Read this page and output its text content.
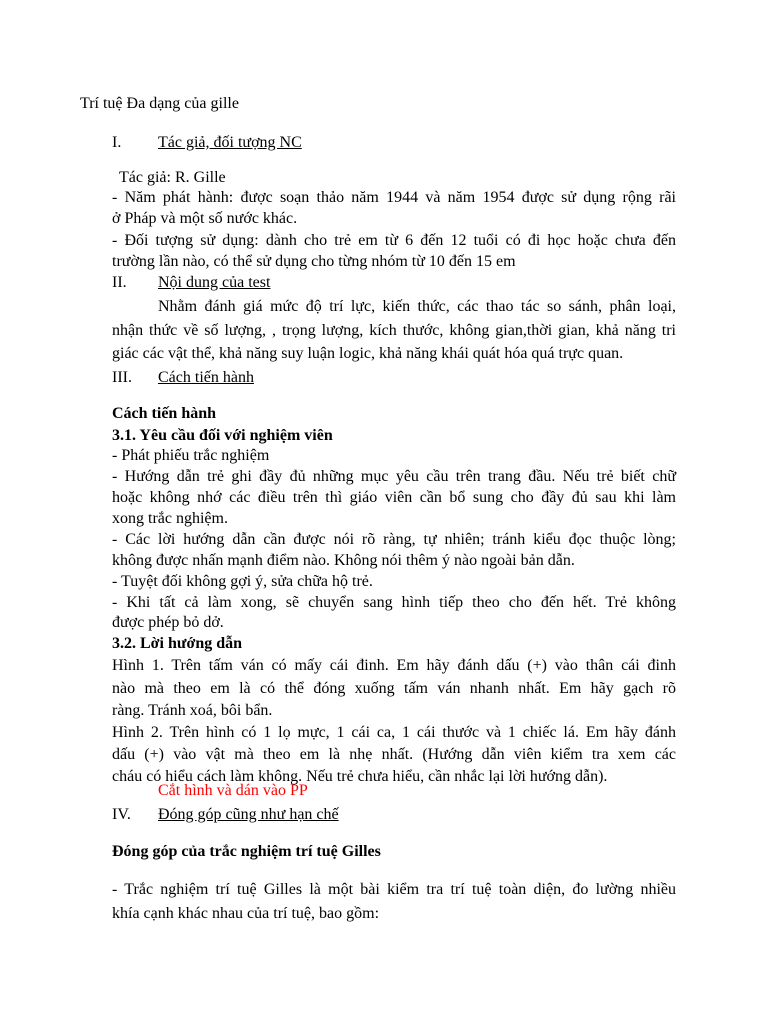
Trí tuệ Đa dạng của gille
I. Tác giả, đối tượng NC
Tác giả: R. Gille
- Năm phát hành: được soạn thảo năm 1944 và năm 1954 được sử dụng rộng rãi
ở Pháp và một số nước khác.
- Đối tượng sử dụng: dành cho trẻ em từ 6 đến 12 tuổi có đi học hoặc chưa đến
trường lần nào, có thể sử dụng cho từng nhóm từ 10 đến 15 em
II. Nội dung của test
Nhằm đánh giá mức độ trí lực, kiến thức, các thao tác so sánh, phân loại,
nhận thức về số lượng, , trọng lượng, kích thước, không gian,thời gian, khả năng tri
giác các vật thể, khả năng suy luận logic, khả năng khái quát hóa quá trực quan.
III. Cách tiến hành
Cách tiến hành
3.1. Yêu cầu đối với nghiệm viên
- Phát phiếu trắc nghiệm
- Hướng dẫn trẻ ghi đầy đủ những mục yêu cầu trên trang đầu. Nếu trẻ biết chữ
hoặc không nhớ các điều trên thì giáo viên cần bổ sung cho đầy đủ sau khi làm
xong trắc nghiệm.
- Các lời hướng dẫn cần được nói rõ ràng, tự nhiên; tránh kiểu đọc thuộc lòng;
không được nhấn mạnh điểm nào. Không nói thêm ý nào ngoài bản dẫn.
- Tuyệt đối không gợi ý, sửa chữa hộ trẻ.
- Khi tất cả làm xong, sẽ chuyển sang hình tiếp theo cho đến hết. Trẻ không
được phép bỏ dở.
3.2. Lời hướng dẫn
Hình 1. Trên tấm ván có mấy cái đinh. Em hãy đánh dấu (+) vào thân cái đinh
nào mà theo em là có thể đóng xuống tấm ván nhanh nhất. Em hãy gạch rõ
ràng. Tránh xoá, bôi bẩn.
Hình 2. Trên hình có 1 lọ mực, 1 cái ca, 1 cái thước và 1 chiếc lá. Em hãy đánh
dấu (+) vào vật mà theo em là nhẹ nhất. (Hướng dẫn viên kiểm tra xem các
cháu có hiểu cách làm không. Nếu trẻ chưa hiểu, cần nhắc lại lời hướng dẫn).
Cắt hình và dán vào PP
IV. Đóng góp cũng như hạn chế
Đóng góp của trắc nghiệm trí tuệ Gilles
- Trắc nghiệm trí tuệ Gilles là một bài kiểm tra trí tuệ toàn diện, đo lường nhiều
khía cạnh khác nhau của trí tuệ, bao gồm:
